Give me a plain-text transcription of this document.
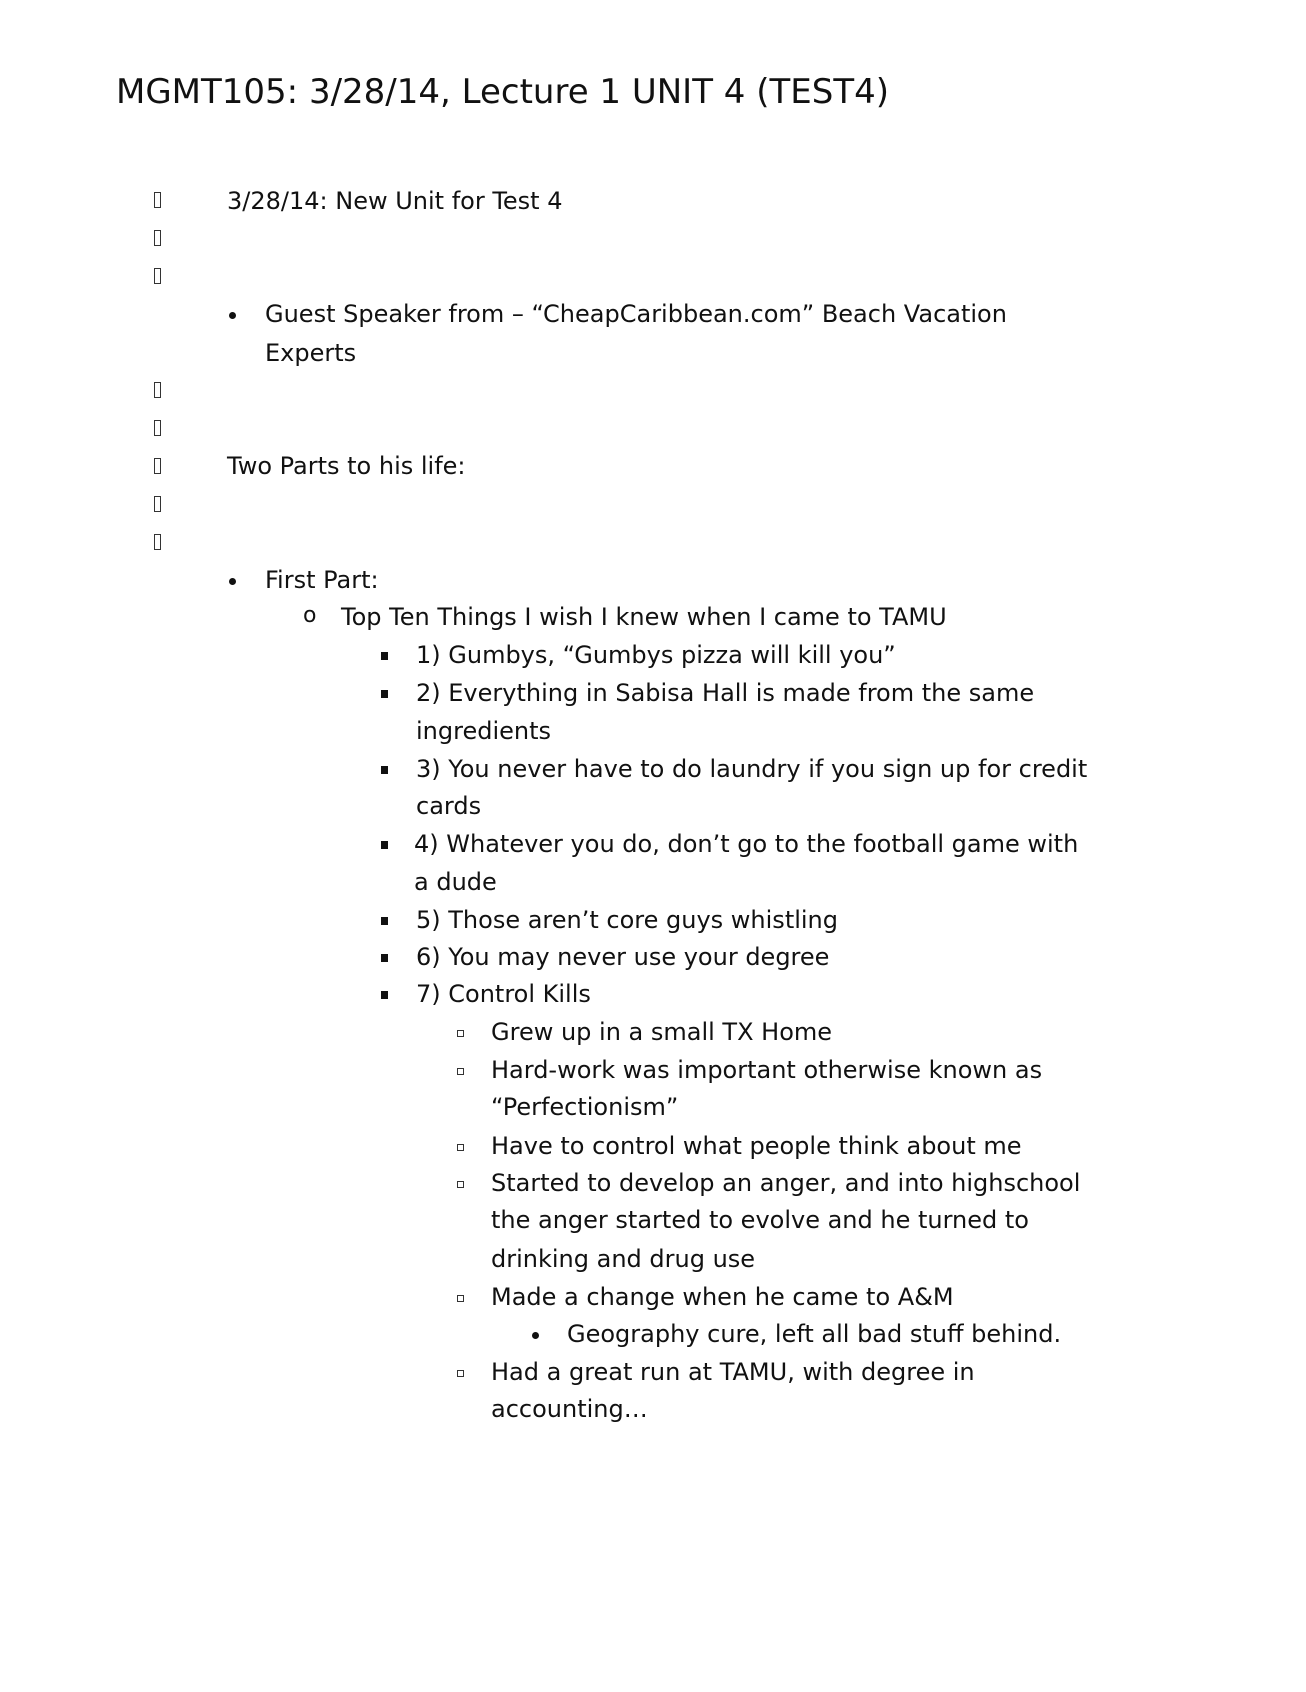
MGMT105: 3/28/14, Lecture 1 UNIT 4 (TEST4)
3/28/14: New Unit for Test 4
Guest Speaker from – “CheapCaribbean.com” Beach Vacation
Experts
Two Parts to his life:
First Part:
o Top Ten Things I wish I knew when I came to TAMU
1) Gumbys, “Gumbys pizza will kill you”
2) Everything in Sabisa Hall is made from the same
ingredients
3) You never have to do laundry if you sign up for credit
cards
4) Whatever you do, don’t go to the football game with
a dude
5) Those aren’t core guys whistling
6) You may never use your degree
7) Control Kills
Grew up in a small TX Home
Hard-work was important otherwise known as
“Perfectionism”
Have to control what people think about me
Started to develop an anger, and into highschool
the anger started to evolve and he turned to
drinking and drug use
Made a change when he came to A&M
Geography cure, left all bad stuff behind.
Had a great run at TAMU, with degree in
accounting…
